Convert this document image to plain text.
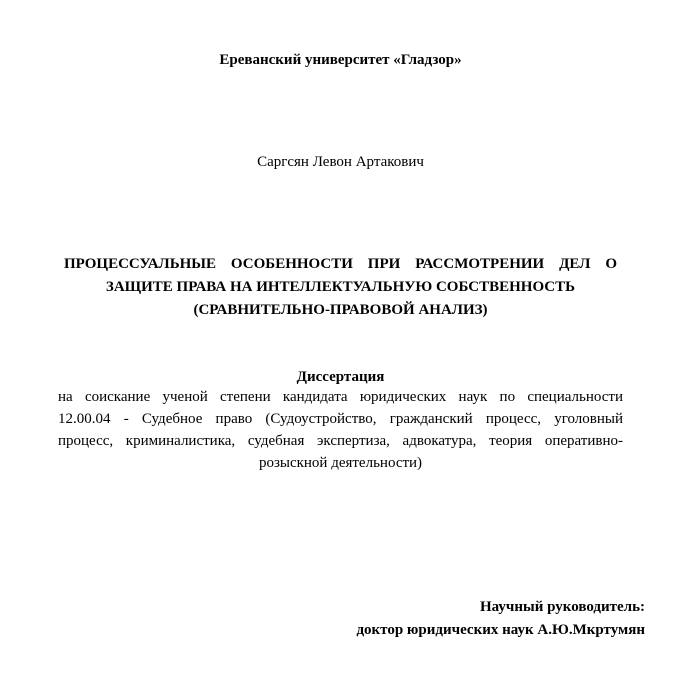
Ереванский университет «Гладзор»
Саргсян Левон Артакович
ПРОЦЕССУАЛЬНЫЕ ОСОБЕННОСТИ ПРИ РАССМОТРЕНИИ ДЕЛ О
ЗАЩИТЕ ПРАВА НА ИНТЕЛЛЕКТУАЛЬНУЮ СОБСТВЕННОСТЬ
(СРАВНИТЕЛЬНО-ПРАВОВОЙ АНАЛИЗ)
Диссертация
на соискание ученой степени кандидата юридических наук по специальности
12.00.04 - Судебное право (Судоустройство, гражданский процесс, уголовный
процесс, криминалистика, судебная экспертиза, адвокатура, теория оперативно-
розыскной деятельности)
Научный руководитель:
доктор юридических наук А.Ю.Мкртумян
